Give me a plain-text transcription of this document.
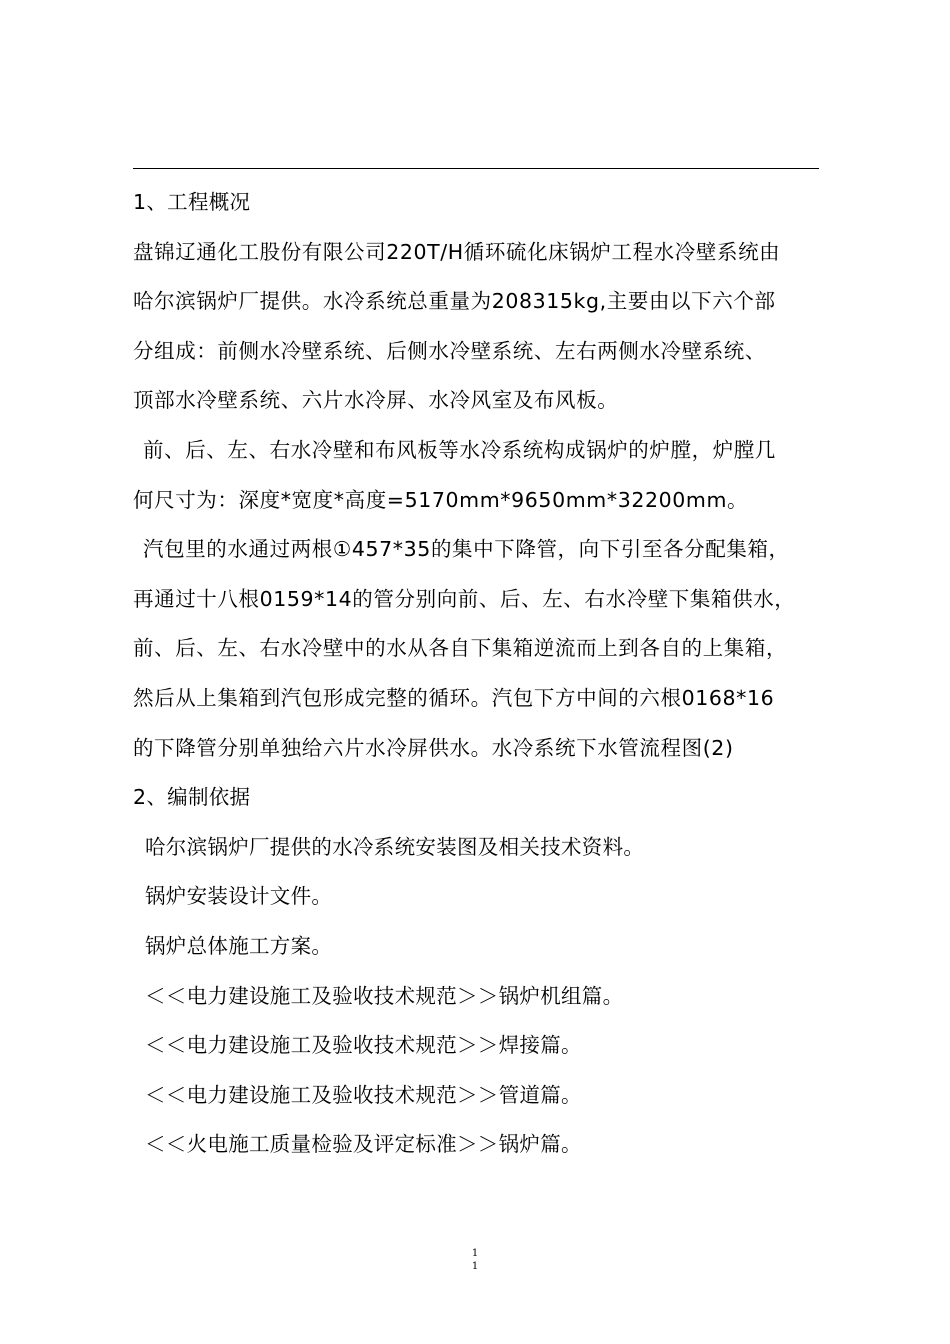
1、工程概况
盘锦辽通化工股份有限公司220T/H循环硫化床锅炉工程水冷壁系统由
哈尔滨锅炉厂提供。水冷系统总重量为208315kg,主要由以下六个部
分组成：前侧水冷壁系统、后侧水冷壁系统、左右两侧水冷壁系统、
顶部水冷壁系统、六片水冷屏、水冷风室及布风板。
前、后、左、右水冷壁和布风板等水冷系统构成锅炉的炉膛，炉膛几
何尺寸为：深度*宽度*高度=5170mm*9650mm*32200mm。
汽包里的水通过两根①457*35的集中下降管，向下引至各分配集箱，
再通过十八根0159*14的管分别向前、后、左、右水冷壁下集箱供水，
前、后、左、右水冷壁中的水从各自下集箱逆流而上到各自的上集箱，
然后从上集箱到汽包形成完整的循环。汽包下方中间的六根0168*16
的下降管分别单独给六片水冷屏供水。水冷系统下水管流程图(2)
2、编制依据
哈尔滨锅炉厂提供的水冷系统安装图及相关技术资料。
锅炉安装设计文件。
锅炉总体施工方案。
＜＜电力建设施工及验收技术规范＞＞锅炉机组篇。
＜＜电力建设施工及验收技术规范＞＞焊接篇。
＜＜电力建设施工及验收技术规范＞＞管道篇。
＜＜火电施工质量检验及评定标准＞＞锅炉篇。
1
1
